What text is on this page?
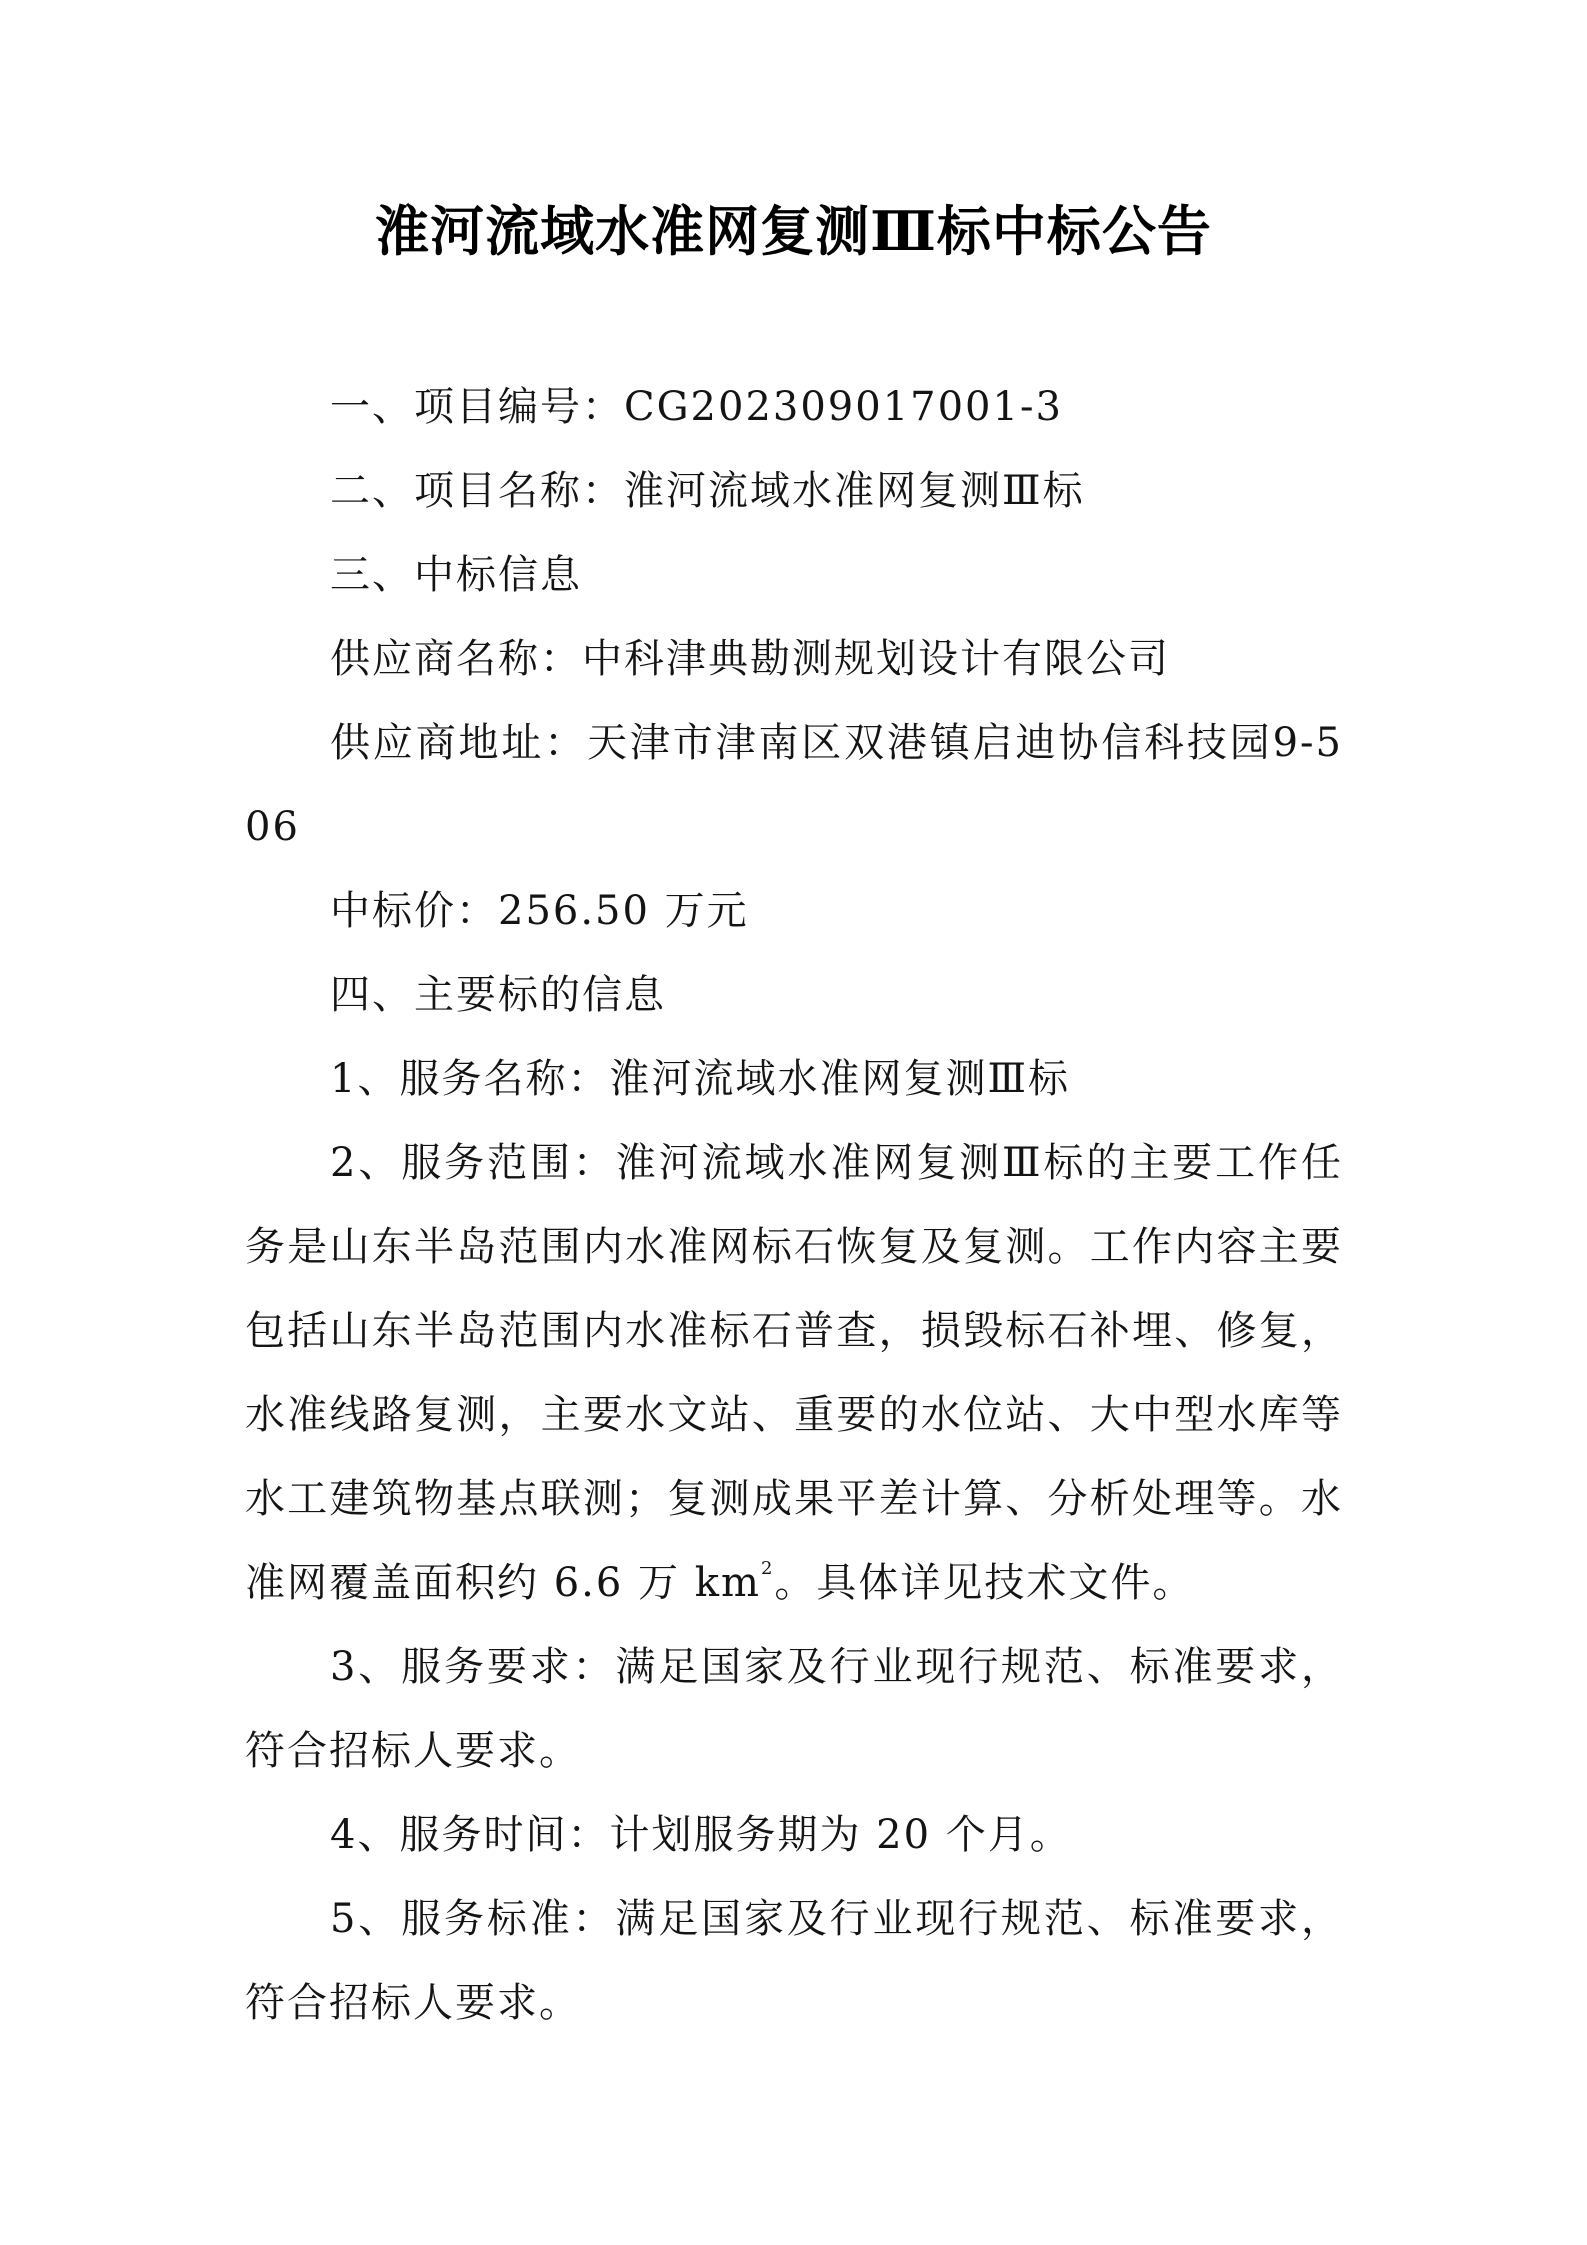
淮河流域水准网复测Ⅲ标中标公告

一、项目编号：CG202309017001-3

二、项目名称：淮河流域水准网复测Ⅲ标

三、中标信息

供应商名称：中科津典勘测规划设计有限公司

供应商地址：天津市津南区双港镇启迪协信科技园9-506

中标价：256.50 万元

四、主要标的信息

1、服务名称：淮河流域水准网复测Ⅲ标

2、服务范围：淮河流域水准网复测Ⅲ标的主要工作任务是山东半岛范围内水准网标石恢复及复测。工作内容主要包括山东半岛范围内水准标石普查，损毁标石补埋、修复，水准线路复测，主要水文站、重要的水位站、大中型水库等水工建筑物基点联测；复测成果平差计算、分析处理等。水准网覆盖面积约 6.6 万 $km^2$。具体详见技术文件。

3、服务要求：满足国家及行业现行规范、标准要求，符合招标人要求。

4、服务时间：计划服务期为 20 个月。

5、服务标准：满足国家及行业现行规范、标准要求，符合招标人要求。
